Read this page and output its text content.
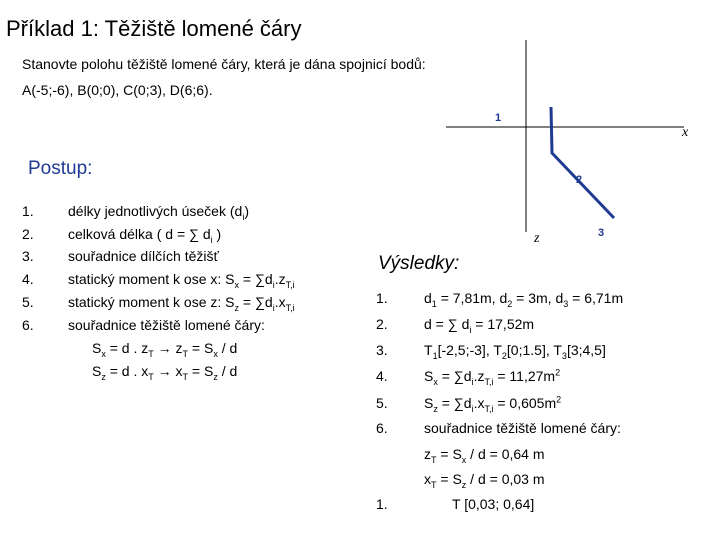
Příklad 1: Těžiště lomené čáry
Stanovte polohu těžiště lomené čáry, která je dána spojnicí bodů:
A(-5;-6), B(0;0), C(0;3), D(6;6).
x
z
1
2
3
Postup:
1. délky jednotlivých úseček $(d_i)$
2. celková délka ( d = ∑ $d_i$ )
3. souřadnice dílčích těžišť
4. statický moment k ose x: $S_x = \sum d_i.z_{T,i}$
5. statický moment k ose z: $S_z = \sum d_i.x_{T,i}$
6. souřadnice těžiště lomené čáry:
$S_x = d$ . $z_T \to z_T = S_x / d$
$S_z = d$ . $x_T \to x_T = S_z / d$
Výsledky:
1.	$d_1 = 7,81m$, $d_2 = 3m$, $d_3 = 6,71m$
2.	d = ∑ $d_i = 17,52m$
3.	$T_1[-2,5;-3]$, $T_2[0;1.5]$, $T_3[3;4,5]$
4.	$S_x = \sum d_i.z_{T,i} = 11,27m^2$
5.	$S_z = \sum d_i.x_{T,i} = 0,605m^2$
6.	souřadnice těžiště lomené čáry:
$z_T = S_x / d = 0,64$ m
$x_T = S_z / d = 0,03$ m
1.	T [0,03; 0,64]
